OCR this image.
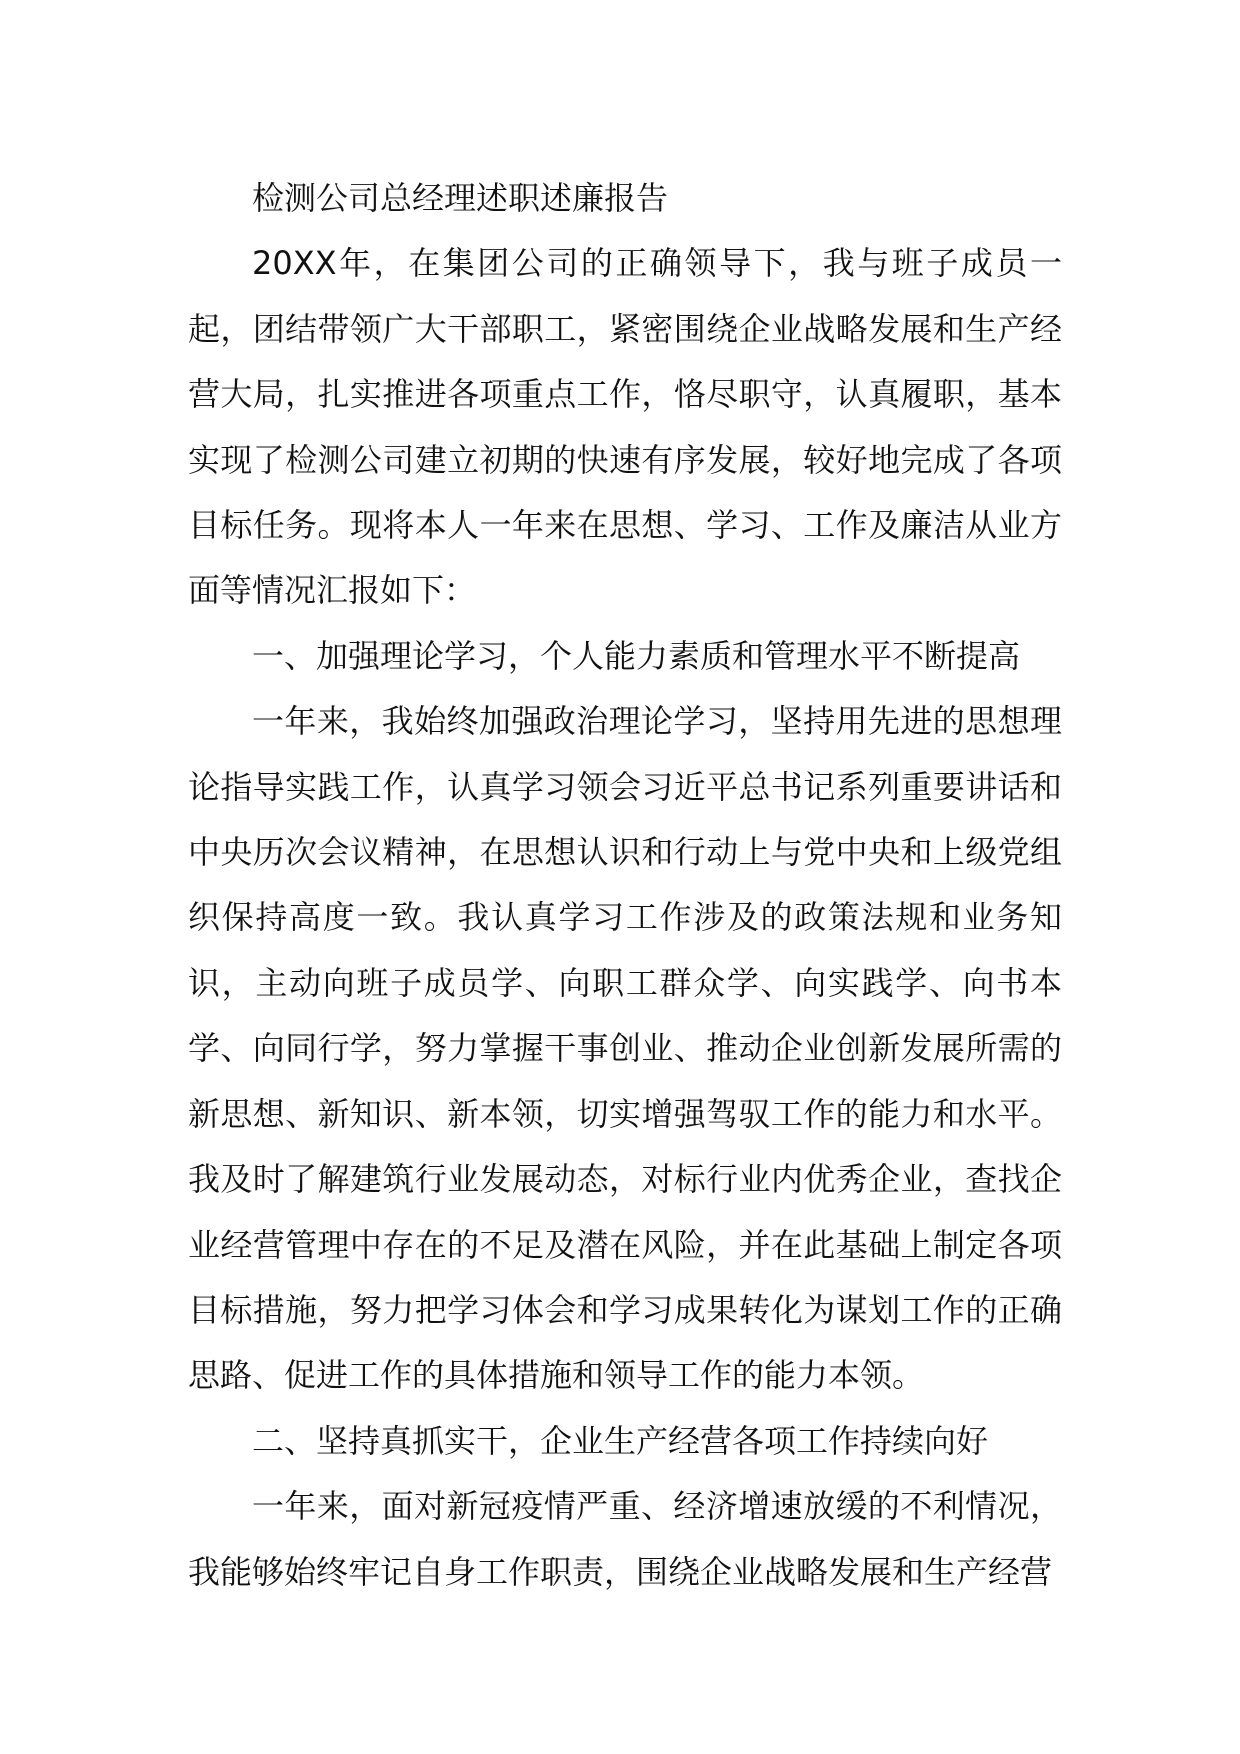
检测公司总经理述职述廉报告

20XX年，在集团公司的正确领导下，我与班子成员一起，团结带领广大干部职工，紧密围绕企业战略发展和生产经营大局，扎实推进各项重点工作，恪尽职守，认真履职，基本实现了检测公司建立初期的快速有序发展，较好地完成了各项目标任务。现将本人一年来在思想、学习、工作及廉洁从业方面等情况汇报如下：

一、加强理论学习，个人能力素质和管理水平不断提高

一年来，我始终加强政治理论学习，坚持用先进的思想理论指导实践工作，认真学习领会习近平总书记系列重要讲话和中央历次会议精神，在思想认识和行动上与党中央和上级党组织保持高度一致。我认真学习工作涉及的政策法规和业务知识，主动向班子成员学、向职工群众学、向实践学、向书本学、向同行学，努力掌握干事创业、推动企业创新发展所需的新思想、新知识、新本领，切实增强驾驭工作的能力和水平。我及时了解建筑行业发展动态，对标行业内优秀企业，查找企业经营管理中存在的不足及潜在风险，并在此基础上制定各项目标措施，努力把学习体会和学习成果转化为谋划工作的正确思路、促进工作的具体措施和领导工作的能力本领。

二、坚持真抓实干，企业生产经营各项工作持续向好

一年来，面对新冠疫情严重、经济增速放缓的不利情况，我能够始终牢记自身工作职责，围绕企业战略发展和生产经营
